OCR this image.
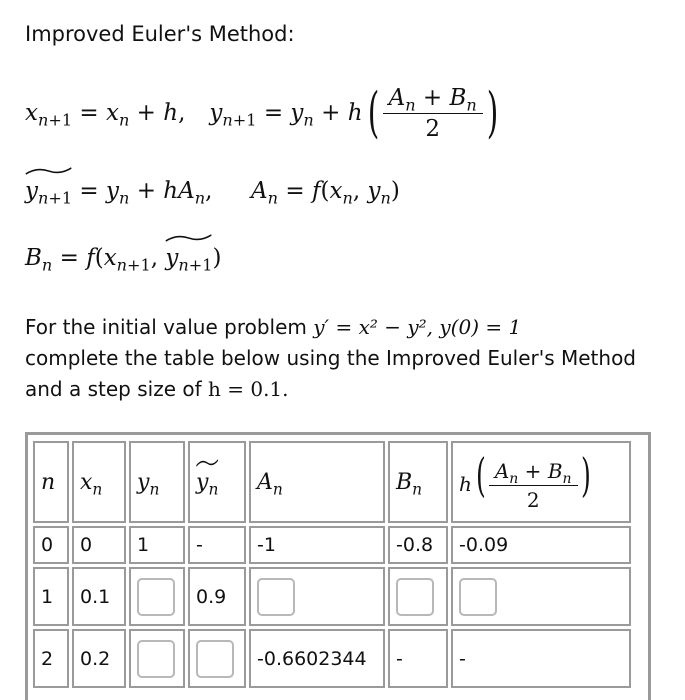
Improved Euler's Method:
$x_{n+1} = x_n + h$, $y_{n+1} = y_n + h$ ( $\frac{A_n + B_n}{2}$ )
$y_{n+1}$
= $y_n + hA_n$,  $A_n = f(x_n$, $y_n$)
$B_n = f(x_{n+1}$, $y_{n+1}$
)
For the initial value problem y′ = x² − y², y(0) = 1
complete the table below using the Improved Euler's Method
and a step size of h = 0.1.
n	$x_n$	$y_n$	$y_n$	$A_n$	$B_n$	$h( \frac{A_n + B_n}{2}$ )
0	0	1	-	-1	-0.8	-0.09
1	0.1		0.9			
2	0.2			-0.6602344	-	-
